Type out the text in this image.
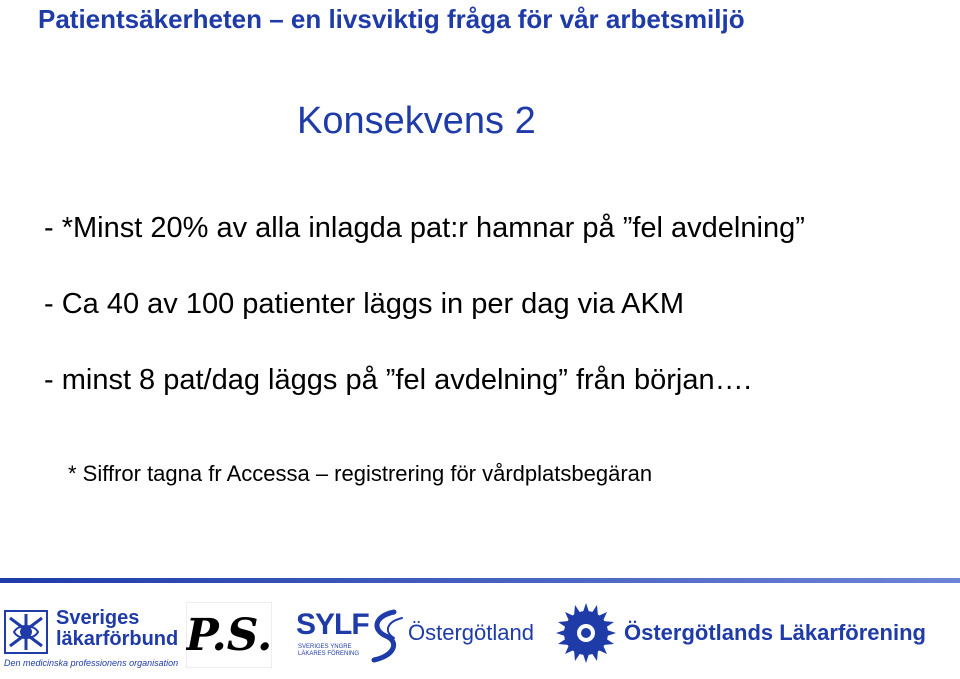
Patientsäkerheten – en livsviktig fråga för vår arbetsmiljö
Konsekvens 2
- *Minst 20% av alla inlagda pat:r hamnar på ”fel avdelning”
- Ca 40 av 100 patienter läggs in per dag via AKM
- minst 8 pat/dag läggs på ”fel avdelning” från början….
* Siffror tagna fr Accessa – registrering för vårdplatsbegäran
Sveriges
läkarförbund
Den medicinska professionens organisation
P.S. SYLF
SVERIGES YNGRE
LÄKARES FÖRENING
Östergötland	Östergötlands Läkarförening
